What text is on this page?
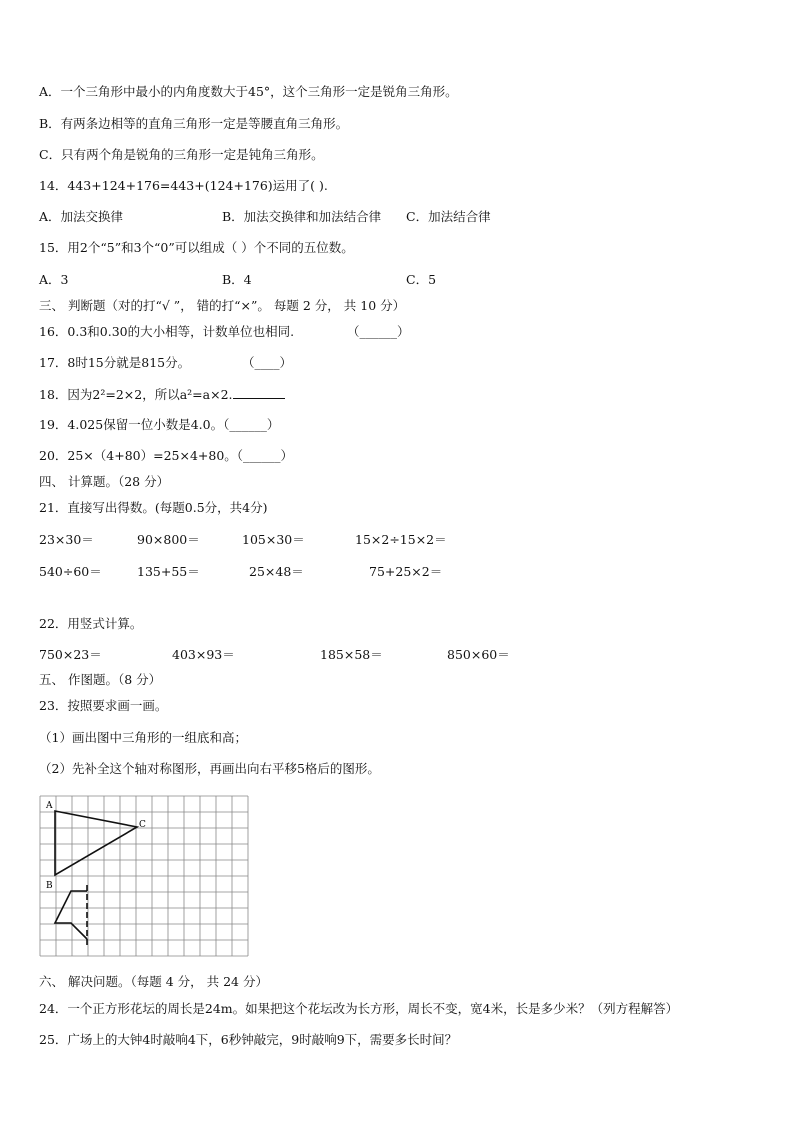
A．一个三角形中最小的内角度数大于45°，这个三角形一定是锐角三角形。
B．有两条边相等的直角三角形一定是等腰直角三角形。
C．只有两个角是锐角的三角形一定是钝角三角形。
14．443+124+176=443+(124+176)运用了( ).
A．加法交换律	B．加法交换律和加法结合律 C．加法结合律
15．用2个“5”和3个“0”可以组成（ ）个不同的五位数。
A．3	B．4	C．5
三、 判断题（对的打“√ ”， 错的打“×”。 每题 2 分， 共 10 分）
16．0.3和0.30的大小相等，计数单位也相同.	（______）
17．8时15分就是815分。	（____）
18．因为2²=2×2，所以a²=a×2.
19．4.025保留一位小数是4.0。（______）
20．25×（4+80）=25×4+80。（______）
四、 计算题。（28 分）
21．直接写出得数。(每题0.5分，共4分)
23×30＝	90×800＝	105×30＝	15×2÷15×2＝
540÷60＝	135+55＝	25×48＝	75+25×2＝
22．用竖式计算。
750×23＝	403×93＝	185×58＝	850×60＝
五、 作图题。（8 分）
23．按照要求画一画。
（1）画出图中三角形的一组底和高；
（2）先补全这个轴对称图形，再画出向右平移5格后的图形。
A
B
C
六、 解决问题。（每题 4 分， 共 24 分）
24．一个正方形花坛的周长是24m。如果把这个花坛改为长方形，周长不变，宽4米，长是多少米？（列方程解答）
25．广场上的大钟4时敲响4下，6秒钟敲完，9时敲响9下，需要多长时间？
